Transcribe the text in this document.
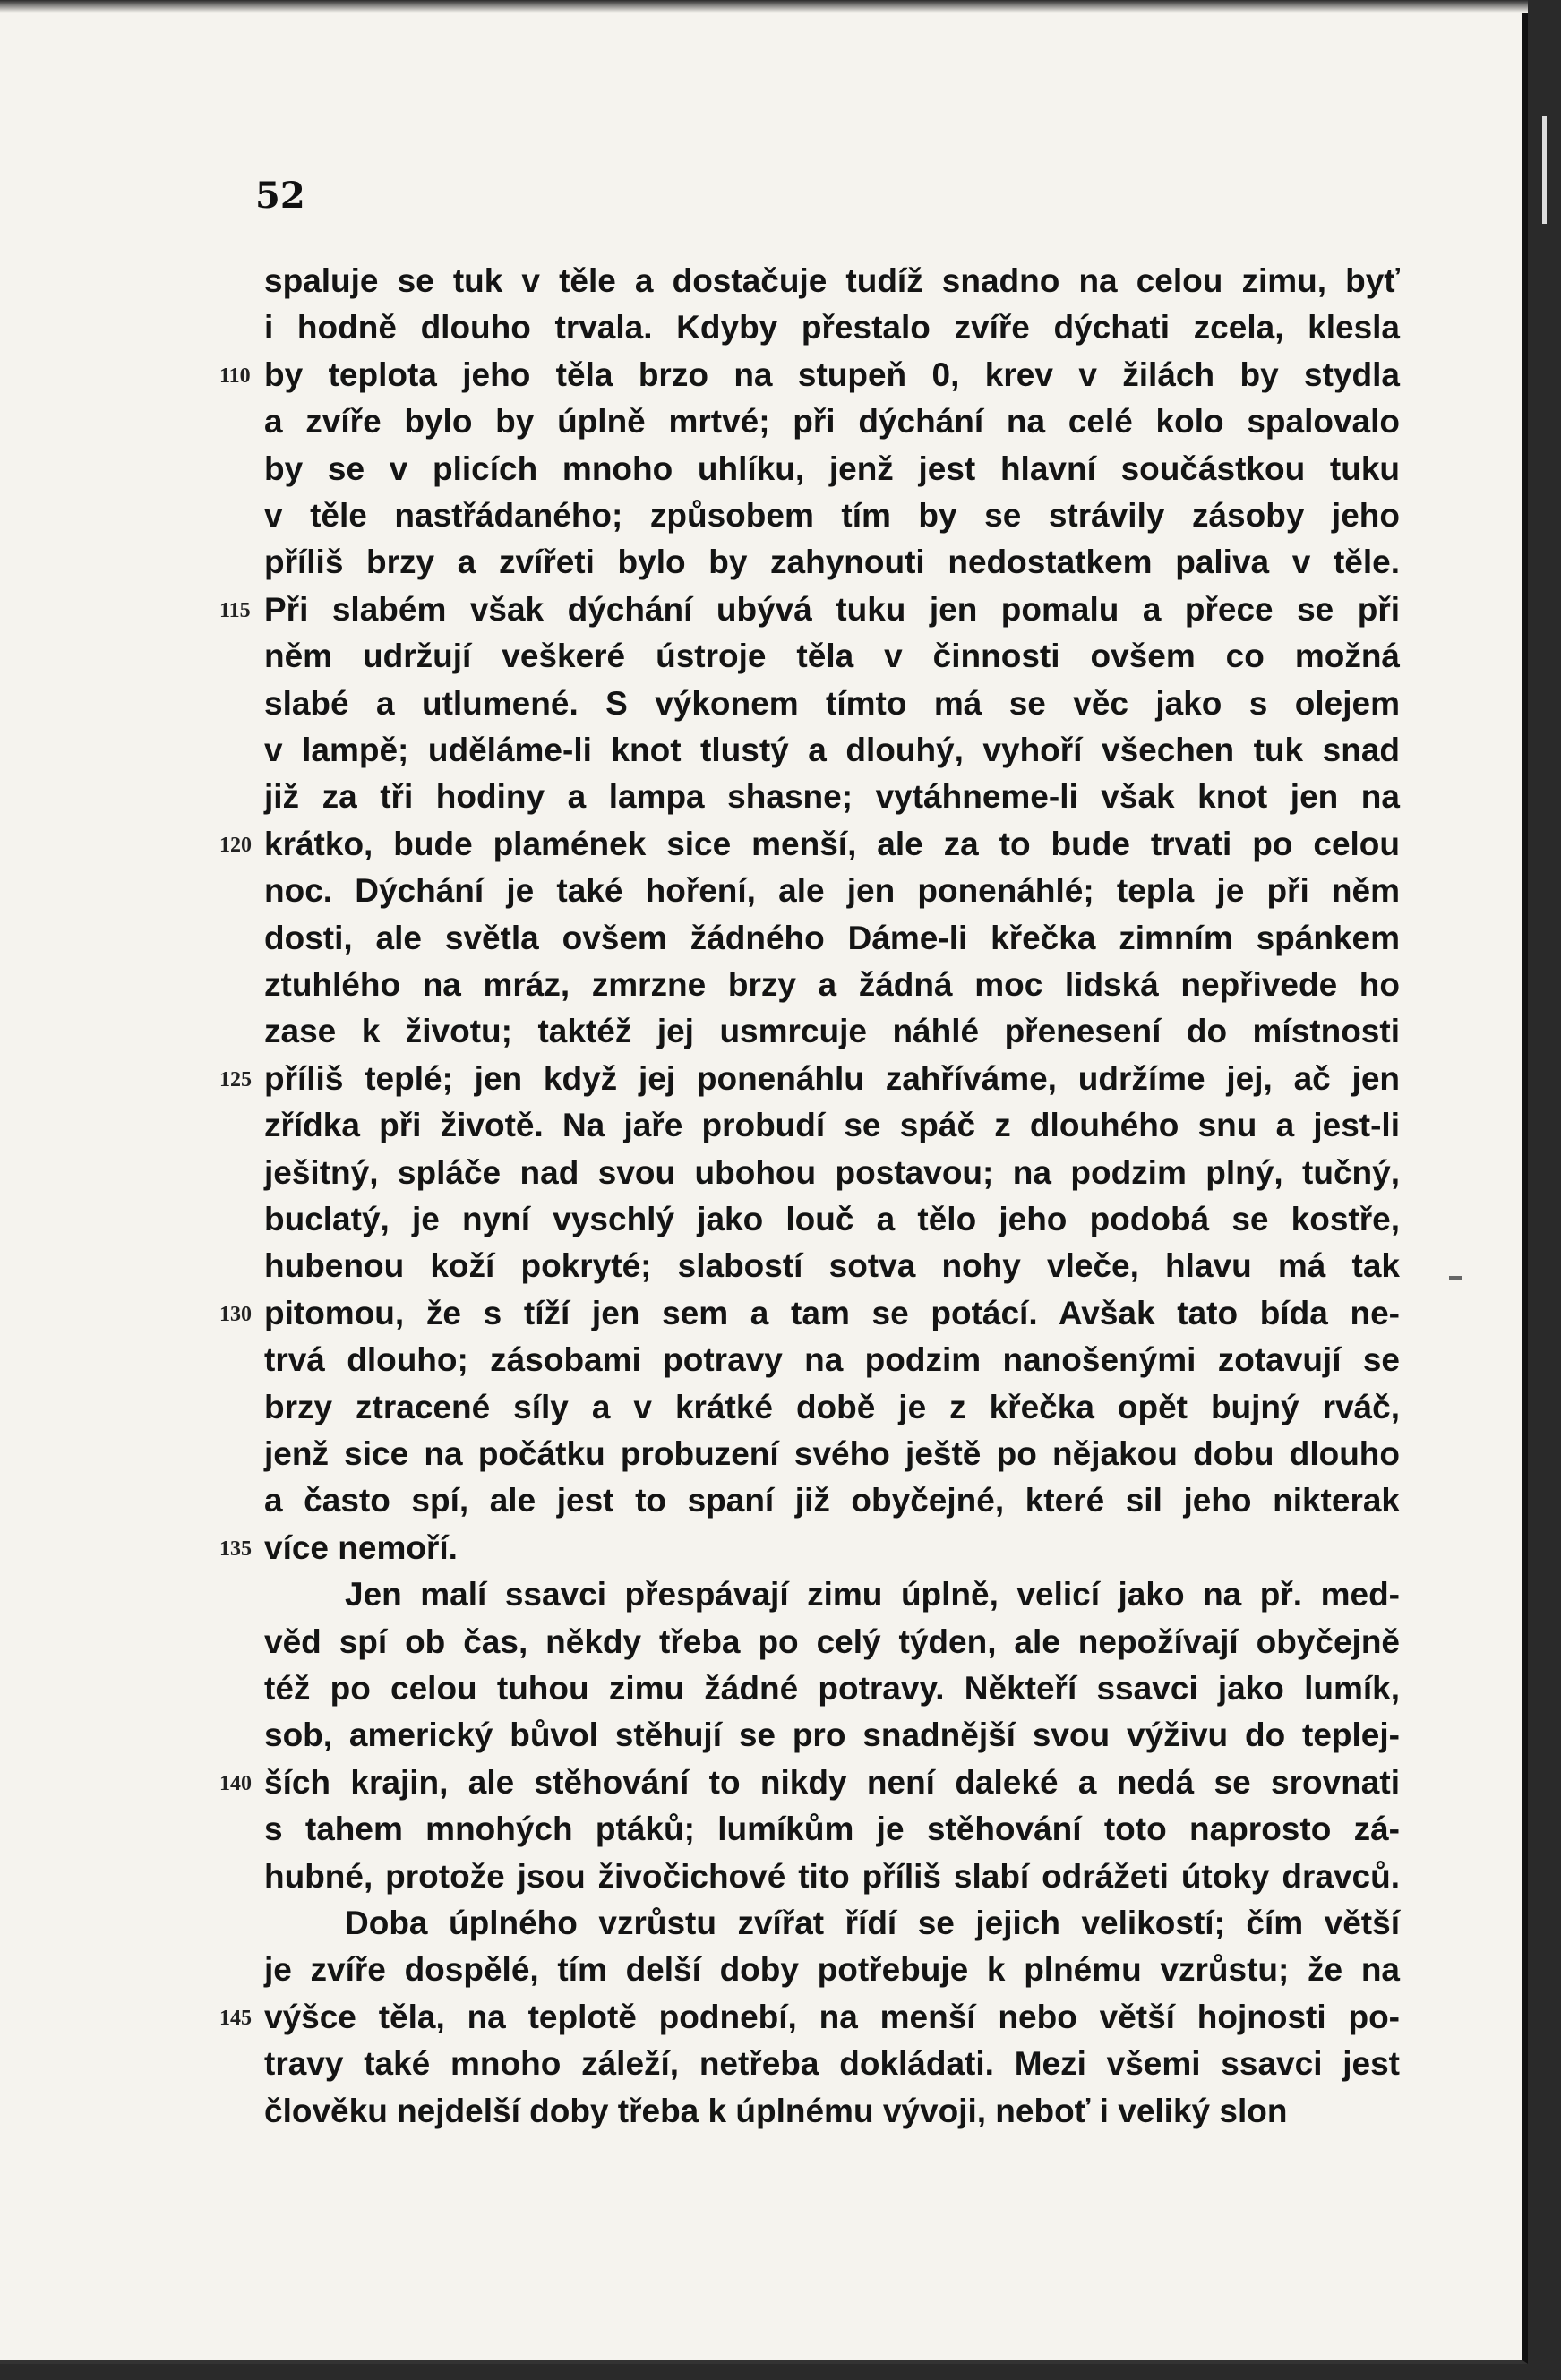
52
spaluje se tuk v těle a dostačuje tudíž snadno na celou zimu, byť
i hodně dlouho trvala. Kdyby přestalo zvíře dýchati zcela, klesla
by teplota jeho těla brzo na stupeň 0, krev v žilách by stydla
110
a zvíře bylo by úplně mrtvé; při dýchání na celé kolo spalovalo
by se v plicích mnoho uhlíku, jenž jest hlavní součástkou tuku
v těle nastřádaného; způsobem tím by se strávily zásoby jeho
příliš brzy a zvířeti bylo by zahynouti nedostatkem paliva v těle.
Při slabém však dýchání ubývá tuku jen pomalu a přece se při
115
něm udržují veškeré ústroje těla v činnosti ovšem co možná
slabé a utlumené. S výkonem tímto má se věc jako s olejem
v lampě; uděláme-li knot tlustý a dlouhý, vyhoří všechen tuk snad
již za tři hodiny a lampa shasne; vytáhneme-li však knot jen na
krátko, bude plamének sice menší, ale za to bude trvati po celou
120
noc. Dýchání je také hoření, ale jen ponenáhlé; tepla je při něm
dosti, ale světla ovšem žádného Dáme-li křečka zimním spánkem
ztuhlého na mráz, zmrzne brzy a žádná moc lidská nepřivede ho
zase k životu; taktéž jej usmrcuje náhlé přenesení do místnosti
příliš teplé; jen když jej ponenáhlu zahříváme, udržíme jej, ač jen
125
zřídka při životě. Na jaře probudí se spáč z dlouhého snu a jest-li
ješitný, spláče nad svou ubohou postavou; na podzim plný, tučný,
buclatý, je nyní vyschlý jako louč a tělo jeho podobá se kostře,
hubenou koží pokryté; slabostí sotva nohy vleče, hlavu má tak
pitomou, že s tíží jen sem a tam se potácí. Avšak tato bída ne-
130
trvá dlouho; zásobami potravy na podzim nanošenými zotavují se
brzy ztracené síly a v krátké době je z křečka opět bujný rváč,
jenž sice na počátku probuzení svého ještě po nějakou dobu dlouho
a často spí, ale jest to spaní již obyčejné, které sil jeho nikterak
více nemoří.
135
Jen malí ssavci přespávají zimu úplně, velicí jako na př. med-
věd spí ob čas, někdy třeba po celý týden, ale nepožívají obyčejně
též po celou tuhou zimu žádné potravy. Někteří ssavci jako lumík,
sob, americký bůvol stěhují se pro snadnější svou výživu do teplej-
ších krajin, ale stěhování to nikdy není daleké a nedá se srovnati
140
s tahem mnohých ptáků; lumíkům je stěhování toto naprosto zá-
hubné, protože jsou živočichové tito příliš slabí odrážeti útoky dravců.
Doba úplného vzrůstu zvířat řídí se jejich velikostí; čím větší
je zvíře dospělé, tím delší doby potřebuje k plnému vzrůstu; že na
výšce těla, na teplotě podnebí, na menší nebo větší hojnosti po-
145
travy také mnoho záleží, netřeba dokládati. Mezi všemi ssavci jest
člověku nejdelší doby třeba k úplnému vývoji, neboť i veliký slon
